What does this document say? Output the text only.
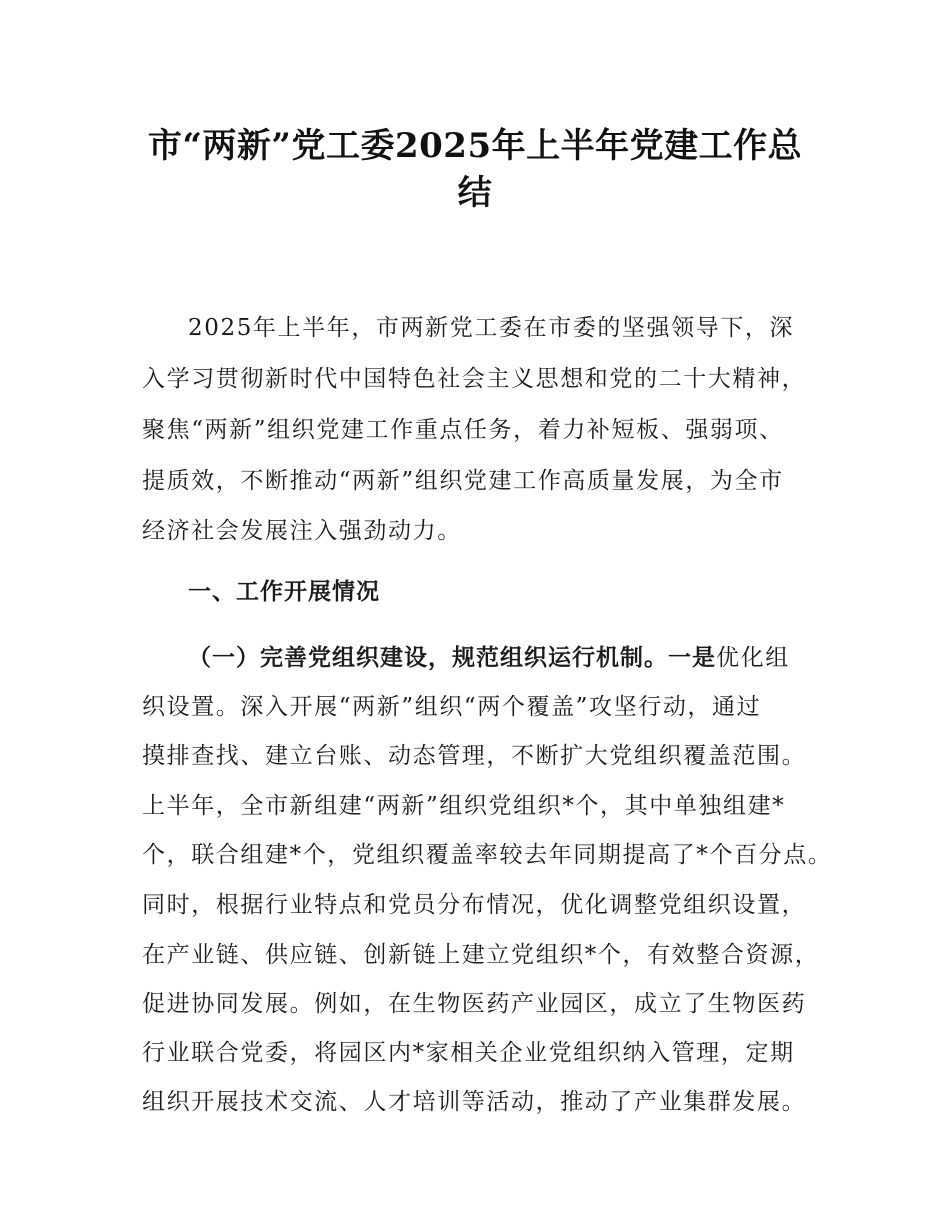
市“两新”党工委2025年上半年党建工作总
结
2025年上半年，市两新党工委在市委的坚强领导下，深
入学习贯彻新时代中国特色社会主义思想和党的二十大精神，
聚焦“两新”组织党建工作重点任务，着力补短板、强弱项、
提质效，不断推动“两新”组织党建工作高质量发展，为全市
经济社会发展注入强劲动力。
一、工作开展情况
（一）完善党组织建设，规范组织运行机制。一是优化组
织设置。深入开展“两新”组织“两个覆盖”攻坚行动，通过
摸排查找、建立台账、动态管理，不断扩大党组织覆盖范围。
上半年，全市新组建“两新”组织党组织*个，其中单独组建*
个，联合组建*个，党组织覆盖率较去年同期提高了*个百分点。
同时，根据行业特点和党员分布情况，优化调整党组织设置，
在产业链、供应链、创新链上建立党组织*个，有效整合资源，
促进协同发展。例如，在生物医药产业园区，成立了生物医药
行业联合党委，将园区内*家相关企业党组织纳入管理，定期
组织开展技术交流、人才培训等活动，推动了产业集群发展。
